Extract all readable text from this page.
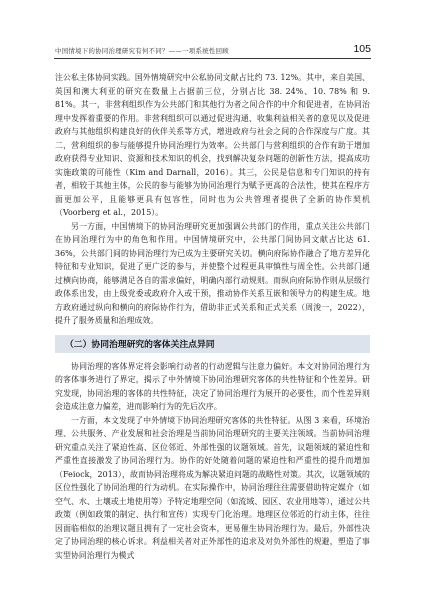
中国情境下的协同治理研究有何不同？——一项系统性回顾	105

注公私主体协同实践。国外情境研究中公私协同文献占比约 73. 12%。其中，来自美国、英国和澳大利亚的研究在数量上占据前三位，分别占比 38. 24%、10. 78% 和 9. 81%。其一，非营利组织作为公共部门和其他行为者之间合作的中介和促进者，在协同治理中发挥着重要的作用。非营利组织可以通过促进沟通、收集利益相关者的意见以及促进政府与其他组织构建良好的伙伴关系等方式，增进政府与社会之间的合作深度与广度。其二，营利组织的参与能够提升协同治理行为效率。公共部门与营利组织的合作有助于增加政府获得专业知识、资源和技术知识的机会，找到解决复杂问题的创新性方法，提高成功实施政策的可能性（Kim and Darnall，2016）。其三，公民是信息和专门知识的持有者，相较于其他主体，公民的参与能够为协同治理行为赋予更高的合法性，使其在程序方面更加公平，且能够更具有包容性，同时也为公共管理者提供了全新的协作契机（Voorberg et al.，2015）。

另一方面，中国情境下的协同治理研究更加强调公共部门的作用，重点关注公共部门在协同治理行为中的角色和作用。中国情境研究中，公共部门间协同文献占比达 61. 36%，公共部门间的协同治理行为已成为主要研究关切。横向府际协作融合了地方差异化特征和专业知识，促进了更广泛的参与，并使整个过程更具审慎性与周全性。公共部门通过横向协商，能够满足各自的需求偏好，明确内部行动规则。而纵向府际协作则从层级行政体系出发，由上级党委或政府介入或干预，推动协作关系互嵌和领导力的构建生成。地方政府通过纵向和横向的府际协作行为，借助非正式关系和正式关系（周浚一，2022），提升了服务质量和治理成效。

（二）协同治理研究的客体关注点异同

协同治理的客体界定将会影响行动者的行动逻辑与注意力偏好。本文对协同治理行为的客体事务进行了界定，揭示了中外情境下协同治理研究客体的共性特征和个性差异。研究发现，协同治理的客体的共性特征，决定了协同治理行为展开的必要性，而个性差异则会造成注意力偏差，进而影响行为的先后次序。

一方面，本文发现了中外情境下协同治理研究客体的共性特征。从图 3 来看，环境治理、公共服务、产业发展和社会治理是当前协同治理研究的主要关注领域。当前协同治理研究重点关注了紧迫性高、区位邻近、外部性强的议题领域。首先，议题领域的紧迫性和严重性直接激发了协同治理行为。协作的好处随着问题的紧迫性和严重性的提升而增加（Feiock，2013），故而协同治理将成为解决紧迫问题的战略性对策。其次，议题领域的区位性强化了协同治理的行为动机。在实际操作中，协同治理往往需要借助特定媒介（如空气、水、土壤或土地使用等）予特定地理空间（如流域、园区、农业用地等），通过公共政策（例如政策的制定、执行和宣传）实现专门化治理。地理区位邻近的行动主体，往往因面临相似的治理议题且拥有了一定社会资本，更易催生协同治理行为。最后，外部性决定了协同治理的核心诉求。利益相关者对正外部性的追求及对负外部性的规避，塑造了事实型协同治理行为模式
